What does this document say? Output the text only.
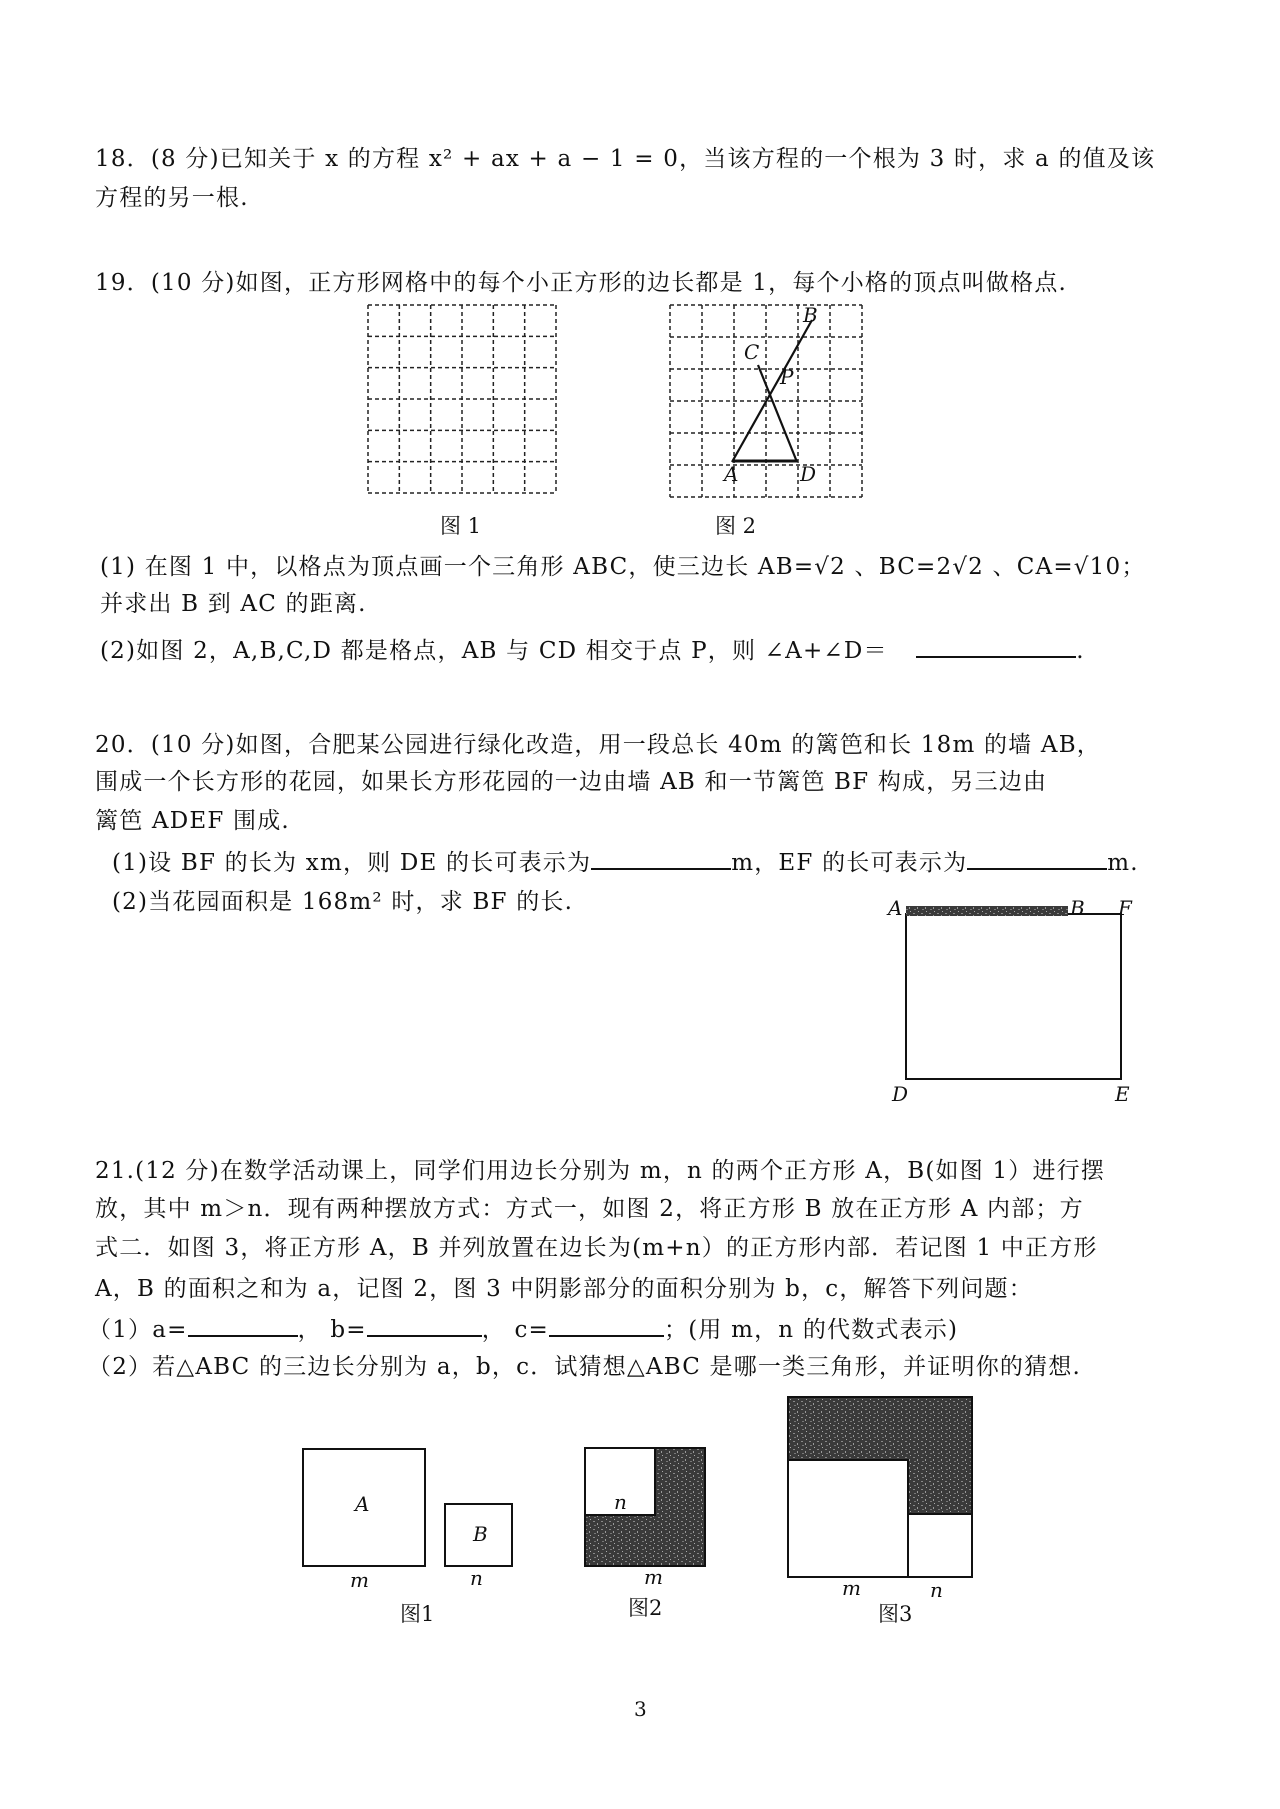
18．(8 分)已知关于 x 的方程 x² + ax + a − 1 = 0，当该方程的一个根为 3 时，求 a 的值及该
方程的另一根.
19．(10 分)如图，正方形网格中的每个小正方形的边长都是 1，每个小格的顶点叫做格点.
B
C
P
A	D
图 1	图 2
(1) 在图 1 中，以格点为顶点画一个三角形 ABC，使三边长 AB=√2 、BC=2√2 、CA=√10；
并求出 B 到 AC 的距离.
(2)如图 2，A,B,C,D 都是格点，AB 与 CD 相交于点 P，则 ∠A+∠D＝	.
20．(10 分)如图，合肥某公园进行绿化改造，用一段总长 40m 的篱笆和长 18m 的墙 AB，
围成一个长方形的花园，如果长方形花园的一边由墙 AB 和一节篱笆 BF 构成，另三边由
篱笆 ADEF 围成.
(1)设 BF 的长为 xm，则 DE 的长可表示为	m，EF 的长可表示为	m.
(2)当花园面积是 168m² 时，求 BF 的长.	A	B F
D	E
21.(12 分)在数学活动课上，同学们用边长分别为 m，n 的两个正方形 A，B(如图 1）进行摆
放，其中 m＞n．现有两种摆放方式：方式一，如图 2，将正方形 B 放在正方形 A 内部；方
式二．如图 3，将正方形 A，B 并列放置在边长为(m+n）的正方形内部．若记图 1 中正方形
A，B 的面积之和为 a，记图 2，图 3 中阴影部分的面积分别为 b，c，解答下列问题：
（1）a=	， b=	， c=	；(用 m，n 的代数式表示)
（2）若△ABC 的三边长分别为 a，b，c．试猜想△ABC 是哪一类三角形，并证明你的猜想.
A
B
m	n
图1
n
m
图2
m	n
图3
3
